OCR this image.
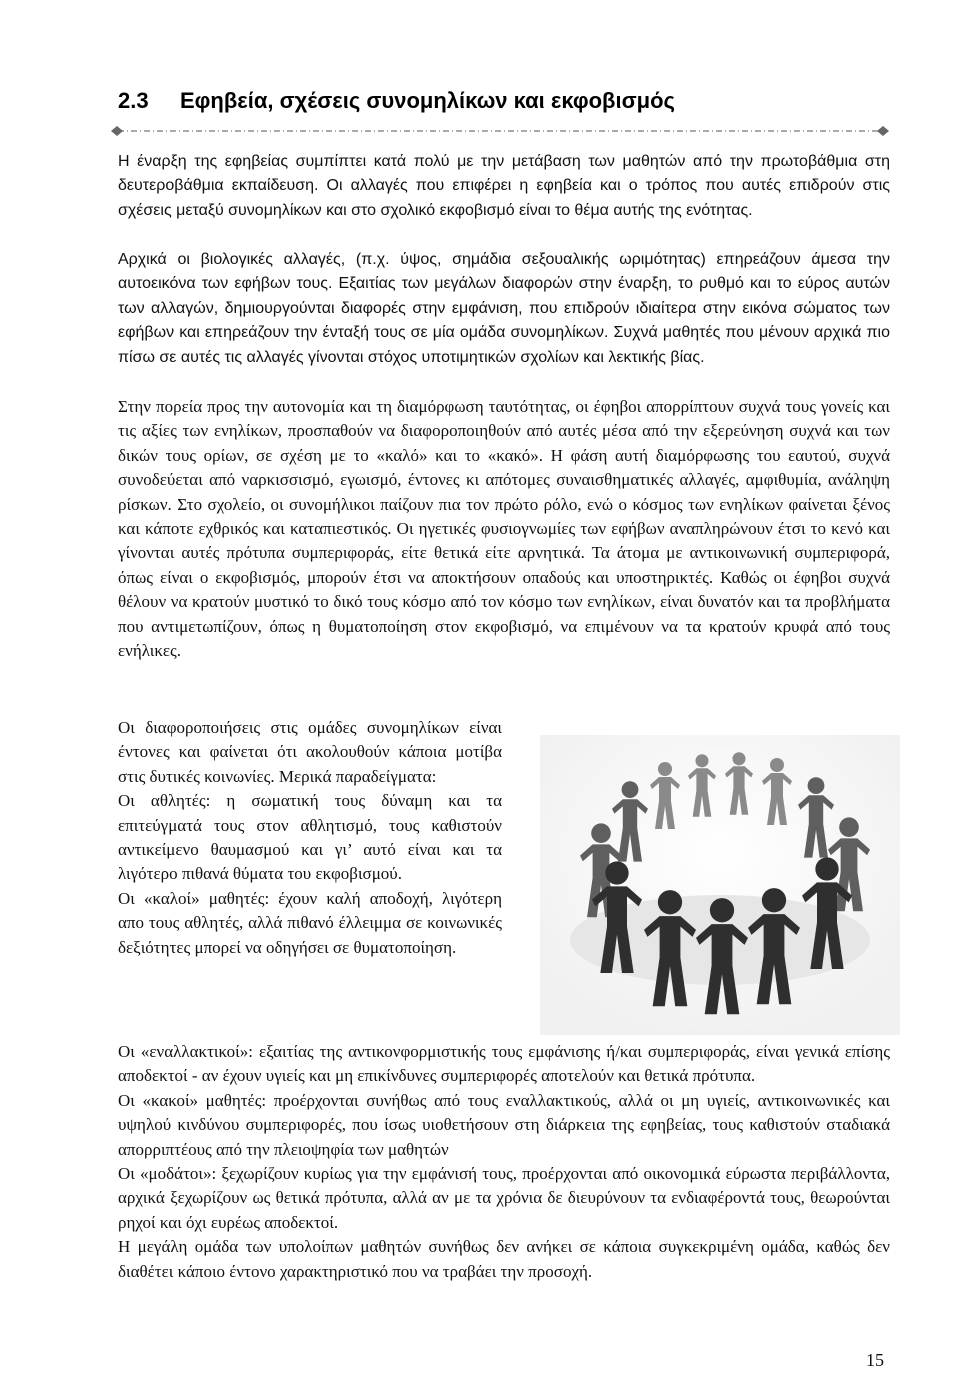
2.3 Εφηβεία, σχέσεις συνομηλίκων και εκφοβισμός

Η έναρξη της εφηβείας συμπίπτει κατά πολύ με την μετάβαση των μαθητών από την πρωτοβάθμια στη δευτεροβάθμια εκπαίδευση. Οι αλλαγές που επιφέρει η εφηβεία και ο τρόπος που αυτές επιδρούν στις σχέσεις μεταξύ συνομηλίκων και στο σχολικό εκφοβισμό είναι το θέμα αυτής της ενότητας.

Αρχικά οι βιολογικές αλλαγές, (π.χ. ύψος, σημάδια σεξουαλικής ωριμότητας) επηρεάζουν άμεσα την αυτοεικόνα των εφήβων τους. Εξαιτίας των μεγάλων διαφορών στην έναρξη, το ρυθμό και το εύρος αυτών των αλλαγών, δημιουργούνται διαφορές στην εμφάνιση, που επιδρούν ιδιαίτερα στην εικόνα σώματος των εφήβων και επηρεάζουν την ένταξή τους σε μία ομάδα συνομηλίκων. Συχνά μαθητές που μένουν αρχικά πιο πίσω σε αυτές τις αλλαγές γίνονται στόχος υποτιμητικών σχολίων και λεκτικής βίας.

Στην πορεία προς την αυτονομία και τη διαμόρφωση ταυτότητας, οι έφηβοι απορρίπτουν συχνά τους γονείς και τις αξίες των ενηλίκων, προσπαθούν να διαφοροποιηθούν από αυτές μέσα από την εξερεύνηση συχνά και των δικών τους ορίων, σε σχέση με το «καλό» και το «κακό». Η φάση αυτή διαμόρφωσης του εαυτού, συχνά συνοδεύεται από ναρκισσισμό, εγωισμό, έντονες κι απότομες συναισθηματικές αλλαγές, αμφιθυμία, ανάληψη ρίσκων. Στο σχολείο, οι συνομήλικοι παίζουν πια τον πρώτο ρόλο, ενώ ο κόσμος των ενηλίκων φαίνεται ξένος και κάποτε εχθρικός και καταπιεστικός. Οι ηγετικές φυσιογνωμίες των εφήβων αναπληρώνουν έτσι το κενό και γίνονται αυτές πρότυπα συμπεριφοράς, είτε θετικά είτε αρνητικά. Τα άτομα με αντικοινωνική συμπεριφορά, όπως είναι ο εκφοβισμός, μπορούν έτσι να αποκτήσουν οπαδούς και υποστηρικτές. Καθώς οι έφηβοι συχνά θέλουν να κρατούν μυστικό το δικό τους κόσμο από τον κόσμο των ενηλίκων, είναι δυνατόν και τα προβλήματα που αντιμετωπίζουν, όπως η θυματοποίηση στον εκφοβισμό, να επιμένουν να τα κρατούν κρυφά από τους ενήλικες.

Οι διαφοροποιήσεις στις ομάδες συνομηλίκων είναι έντονες και φαίνεται ότι ακολουθούν κάποια μοτίβα στις δυτικές κοινωνίες. Μερικά παραδείγματα:

Οι αθλητές: η σωματική τους δύναμη και τα επιτεύγματά τους στον αθλητισμό, τους καθιστούν αντικείμενο θαυμασμού και γι’ αυτό είναι και τα λιγότερο πιθανά θύματα του εκφοβισμού.

Οι «καλοί» μαθητές: έχουν καλή αποδοχή, λιγότερη απο τους αθλητές, αλλά πιθανό έλλειμμα σε κοινωνικές δεξιότητες μπορεί να οδηγήσει σε θυματοποίηση.

Οι «εναλλακτικοί»: εξαιτίας της αντικονφορμιστικής τους εμφάνισης ή/και συμπεριφοράς, είναι γενικά επίσης αποδεκτοί - αν έχουν υγιείς και μη επικίνδυνες συμπεριφορές αποτελούν και θετικά πρότυπα.

Οι «κακοί» μαθητές: προέρχονται συνήθως από τους εναλλακτικούς, αλλά οι μη υγιείς, αντικοινωνικές και υψηλού κινδύνου συμπεριφορές, που ίσως υιοθετήσουν στη διάρκεια της εφηβείας, τους καθιστούν σταδιακά απορριπτέους από την πλειοψηφία των μαθητών

Οι «μοδάτοι»: ξεχωρίζουν κυρίως για την εμφάνισή τους, προέρχονται από οικονομικά εύρωστα περιβάλλοντα, αρχικά ξεχωρίζουν ως θετικά πρότυπα, αλλά αν με τα χρόνια δε διευρύνουν τα ενδιαφέροντά τους, θεωρούνται ρηχοί και όχι ευρέως αποδεκτοί.

Η μεγάλη ομάδα των υπολοίπων μαθητών συνήθως δεν ανήκει σε κάποια συγκεκριμένη ομάδα, καθώς δεν διαθέτει κάποιο έντονο χαρακτηριστικό που να τραβάει την προσοχή.

15
